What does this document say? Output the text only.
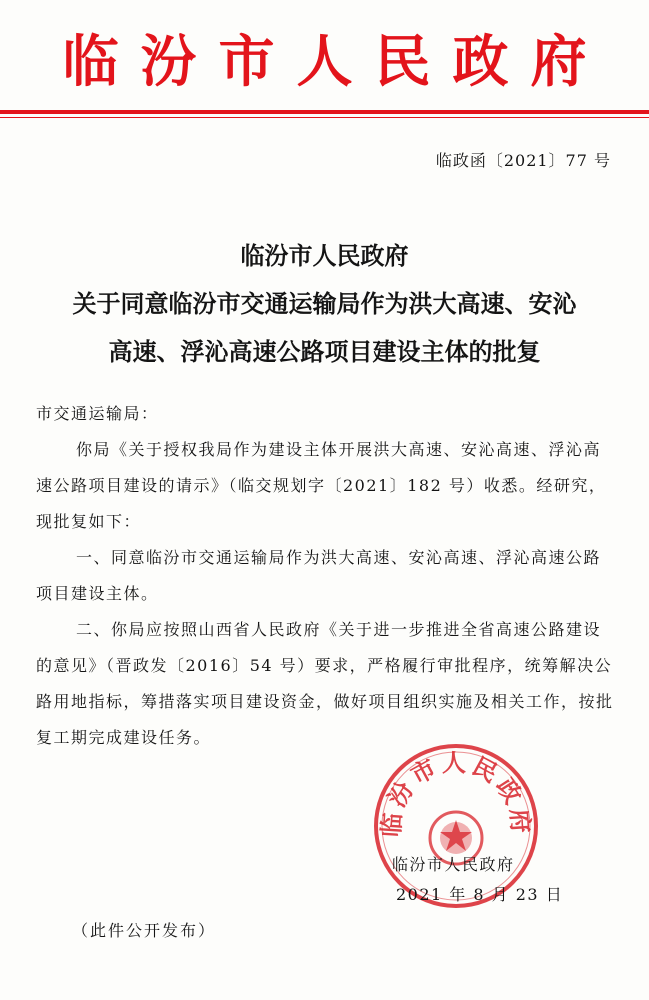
临汾市人民政府
临政函〔2021〕77 号
临汾市人民政府
关于同意临汾市交通运输局作为洪大高速、安沁
高速、浮沁高速公路项目建设主体的批复
市交通运输局：
你局《关于授权我局作为建设主体开展洪大高速、安沁高速、浮沁高速公路项目建设的请示》（临交规划字〔2021〕182 号）收悉。经研究，现批复如下：
一、同意临汾市交通运输局作为洪大高速、安沁高速、浮沁高速公路项目建设主体。
二、你局应按照山西省人民政府《关于进一步推进全省高速公路建设的意见》（晋政发〔2016〕54 号）要求，严格履行审批程序，统筹解决公路用地指标，筹措落实项目建设资金，做好项目组织实施及相关工作，按批复工期完成建设任务。
临汾市人民政府
临汾市人民政府
2021 年 8 月 23 日
（此件公开发布）
